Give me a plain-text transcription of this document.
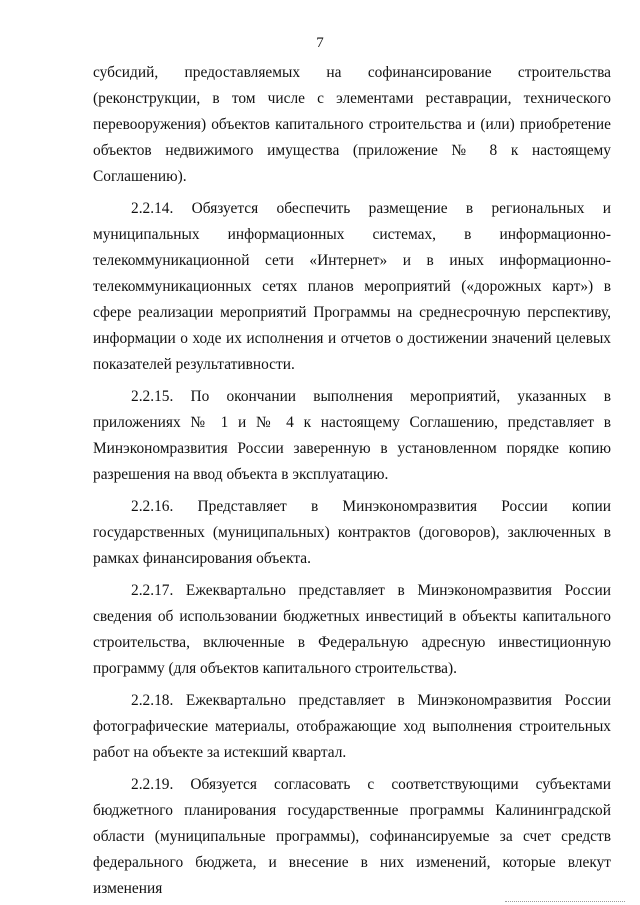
7

субсидий, предоставляемых на софинансирование строительства (реконструкции, в том числе с элементами реставрации, технического перевооружения) объектов капитального строительства и (или) приобретение объектов недвижимого имущества (приложение № 8 к настоящему Соглашению).

2.2.14. Обязуется обеспечить размещение в региональных и муниципальных информационных системах, в информационно-телекоммуникационной сети «Интернет» и в иных информационно-телекоммуникационных сетях планов мероприятий («дорожных карт») в сфере реализации мероприятий Программы на среднесрочную перспективу, информации о ходе их исполнения и отчетов о достижении значений целевых показателей результативности.

2.2.15. По окончании выполнения мероприятий, указанных в приложениях № 1 и № 4 к настоящему Соглашению, представляет в Минэкономразвития России заверенную в установленном порядке копию разрешения на ввод объекта в эксплуатацию.

2.2.16. Представляет в Минэкономразвития России копии государственных (муниципальных) контрактов (договоров), заключенных в рамках финансирования объекта.

2.2.17. Ежеквартально представляет в Минэкономразвития России сведения об использовании бюджетных инвестиций в объекты капитального строительства, включенные в Федеральную адресную инвестиционную программу (для объектов капитального строительства).

2.2.18. Ежеквартально представляет в Минэкономразвития России фотографические материалы, отображающие ход выполнения строительных работ на объекте за истекший квартал.

2.2.19. Обязуется согласовать с соответствующими субъектами бюджетного планирования государственные программы Калининградской области (муниципальные программы), софинансируемые за счет средств федерального бюджета, и внесение в них изменений, которые влекут изменения
